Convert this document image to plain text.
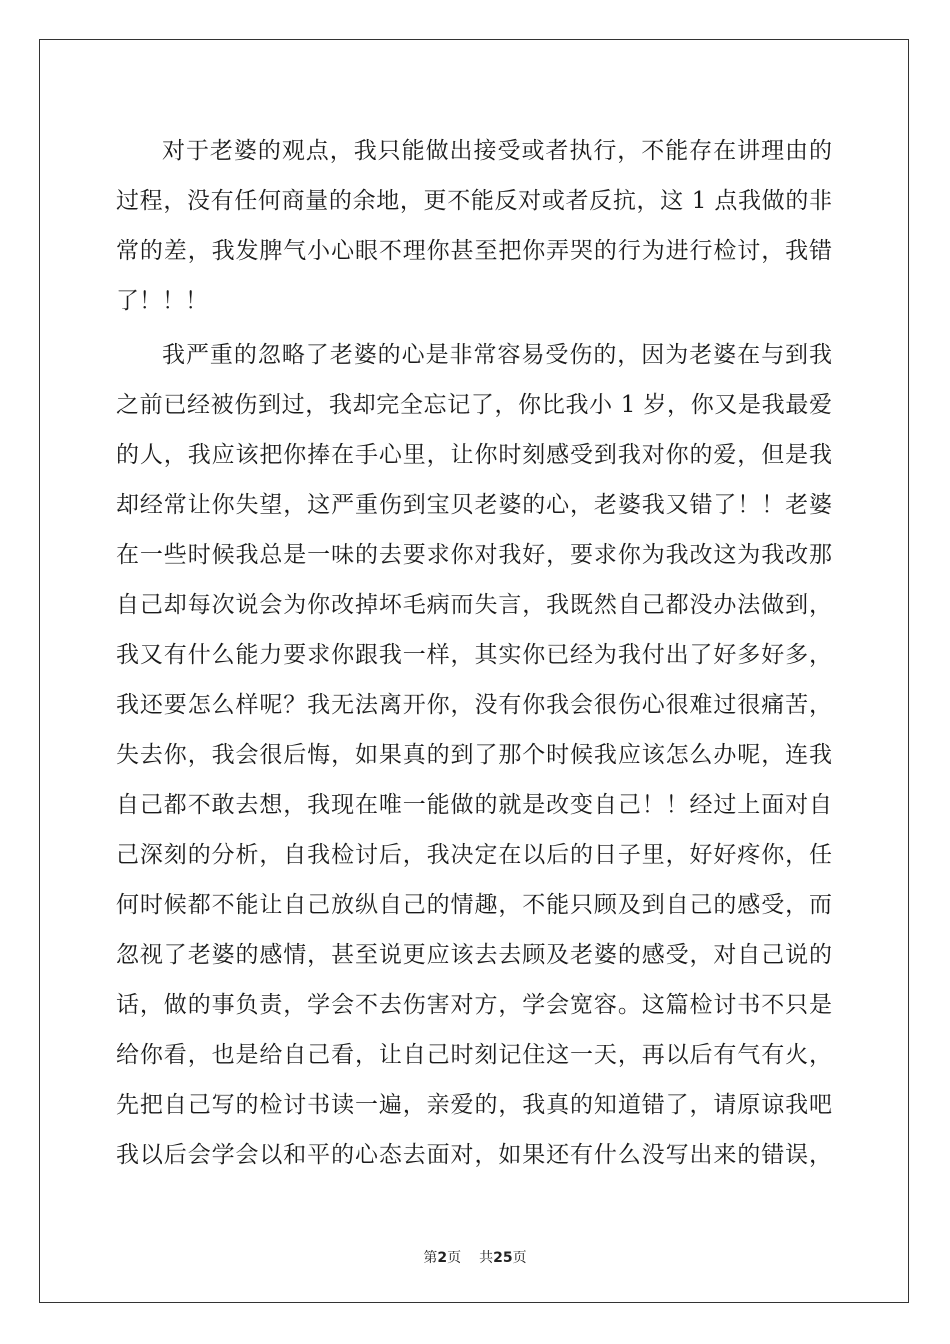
对于老婆的观点，我只能做出接受或者执行，不能存在讲理由的
过程，没有任何商量的余地，更不能反对或者反抗，这 1 点我做的非
常的差，我发脾气小心眼不理你甚至把你弄哭的行为进行检讨，我错
了！！！
我严重的忽略了老婆的心是非常容易受伤的，因为老婆在与到我
之前已经被伤到过，我却完全忘记了，你比我小 1 岁，你又是我最爱
的人，我应该把你捧在手心里，让你时刻感受到我对你的爱，但是我
却经常让你失望，这严重伤到宝贝老婆的心，老婆我又错了！！老婆
在一些时候我总是一味的去要求你对我好，要求你为我改这为我改那
自己却每次说会为你改掉坏毛病而失言，我既然自己都没办法做到，
我又有什么能力要求你跟我一样，其实你已经为我付出了好多好多，
我还要怎么样呢？我无法离开你，没有你我会很伤心很难过很痛苦，
失去你，我会很后悔，如果真的到了那个时候我应该怎么办呢，连我
自己都不敢去想，我现在唯一能做的就是改变自己！！经过上面对自
己深刻的分析，自我检讨后，我决定在以后的日子里，好好疼你，任
何时候都不能让自己放纵自己的情趣，不能只顾及到自己的感受，而
忽视了老婆的感情，甚至说更应该去去顾及老婆的感受，对自己说的
话，做的事负责，学会不去伤害对方，学会宽容。这篇检讨书不只是
给你看，也是给自己看，让自己时刻记住这一天，再以后有气有火，
先把自己写的检讨书读一遍，亲爱的，我真的知道错了，请原谅我吧
我以后会学会以和平的心态去面对，如果还有什么没写出来的错误，
第2页 共25页
